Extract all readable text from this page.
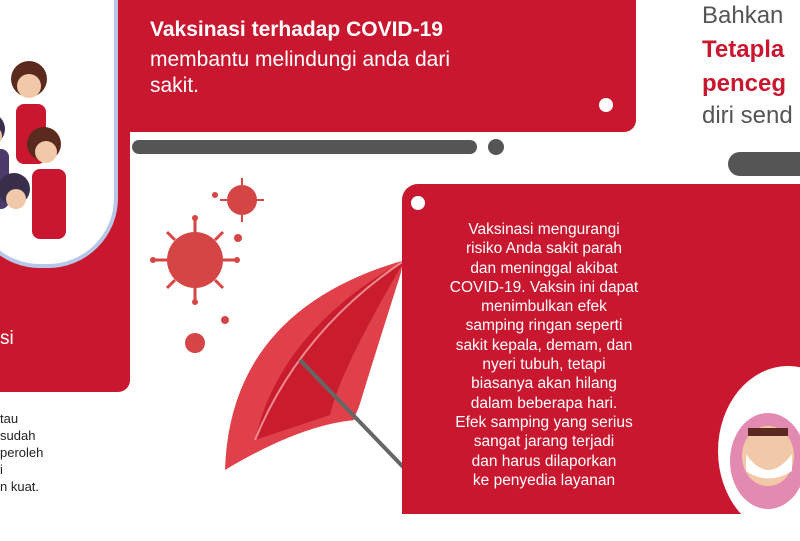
si
tau
sudah
peroleh
i
n kuat.
Vaksinasi terhadap COVID-19
membantu melindungi anda dari sakit.
Bahkan
Tetapla
penceg
diri send
Vaksinasi mengurangi
risiko Anda sakit parah
dan meninggal akibat
COVID-19. Vaksin ini dapat
menimbulkan efek
samping ringan seperti
sakit kepala, demam, dan
nyeri tubuh, tetapi
biasanya akan hilang
dalam beberapa hari.
Efek samping yang serius
sangat jarang terjadi
dan harus dilaporkan
ke penyedia layanan
